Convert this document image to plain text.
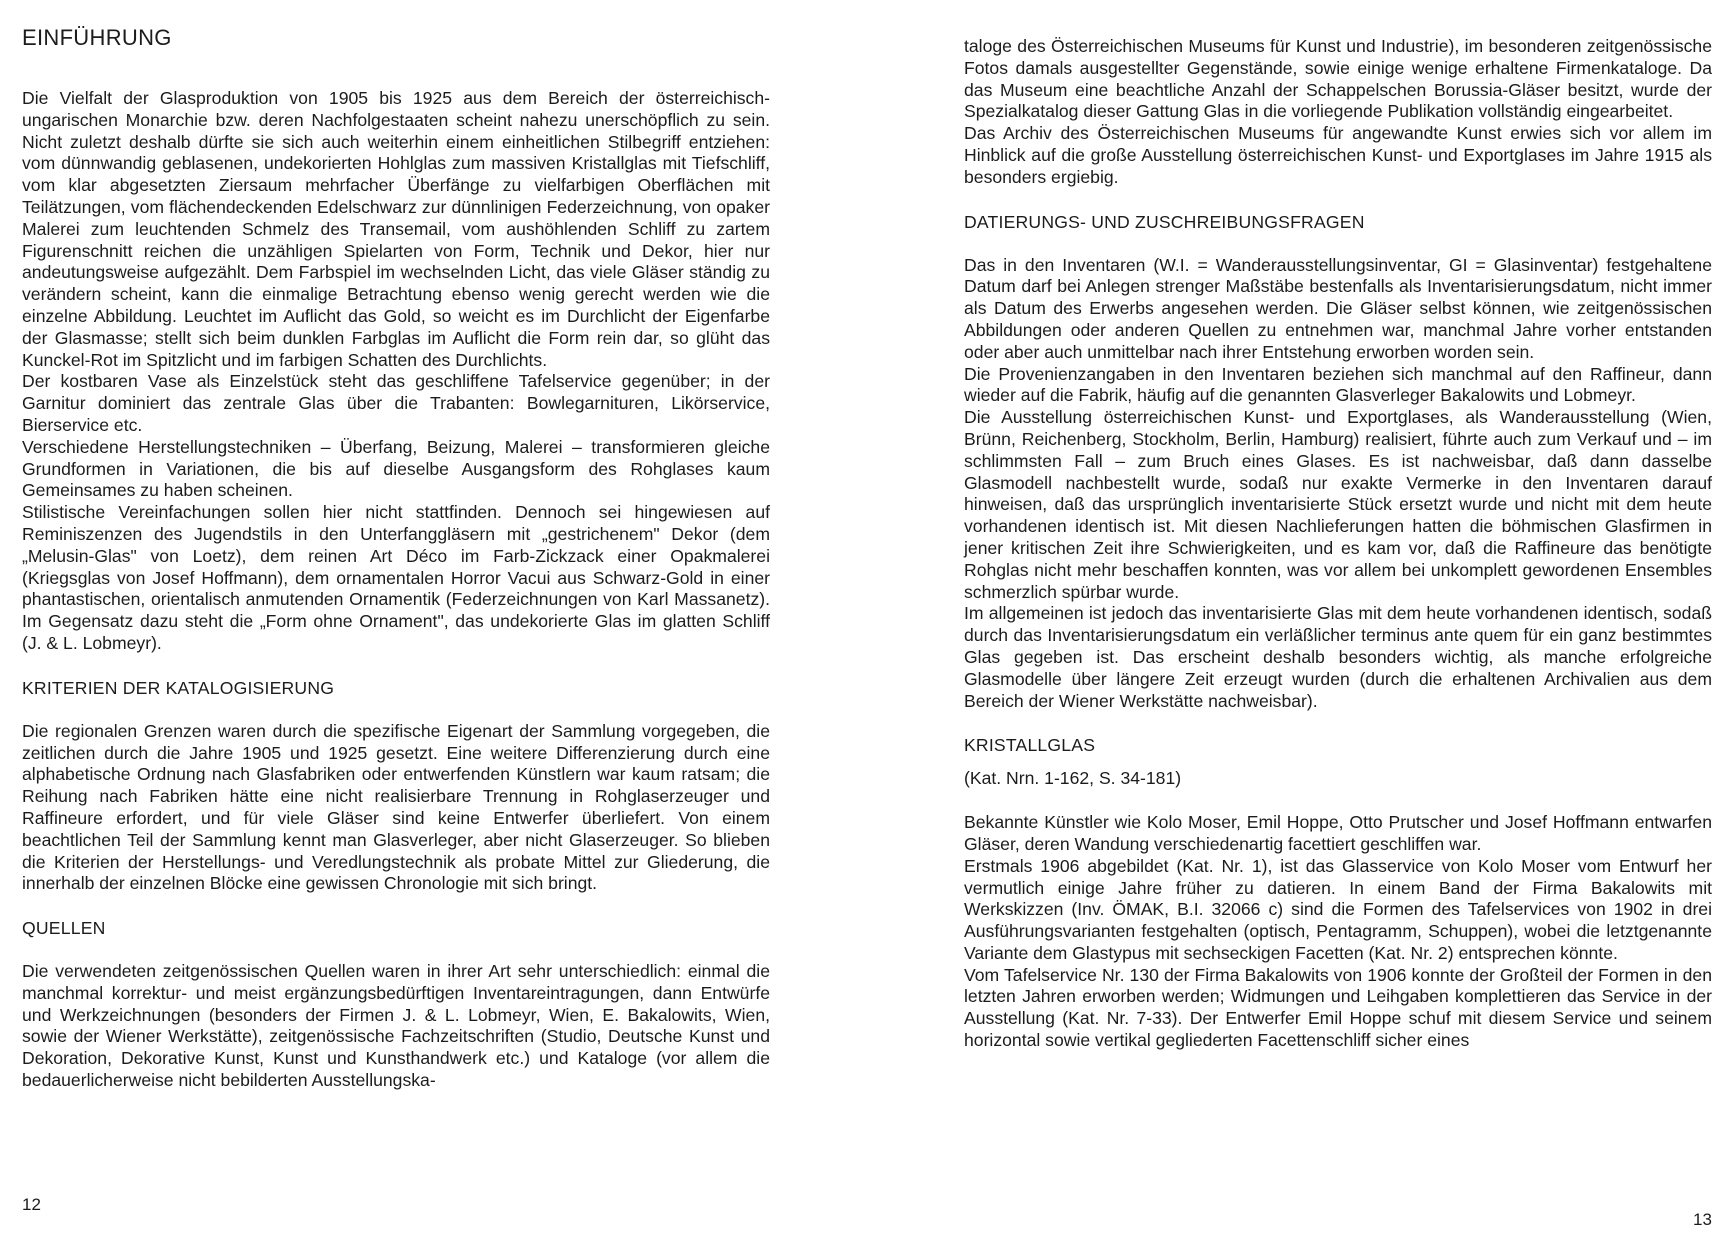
EINFÜHRUNG

Die Vielfalt der Glasproduktion von 1905 bis 1925 aus dem Bereich der österreichisch-ungarischen Monarchie bzw. deren Nachfolgestaaten scheint nahezu unerschöpflich zu sein. Nicht zuletzt deshalb dürfte sie sich auch weiterhin einem einheitlichen Stilbegriff entziehen: vom dünnwandig geblasenen, undekorierten Hohlglas zum massiven Kristallglas mit Tiefschliff, vom klar abgesetzten Ziersaum mehrfacher Überfänge zu vielfarbigen Oberflächen mit Teilätzungen, vom flächendeckenden Edelschwarz zur dünnlinigen Federzeichnung, von opaker Malerei zum leuchtenden Schmelz des Transemail, vom aushöhlenden Schliff zu zartem Figurenschnitt reichen die unzähligen Spielarten von Form, Technik und Dekor, hier nur andeutungsweise aufgezählt. Dem Farbspiel im wechselnden Licht, das viele Gläser ständig zu verändern scheint, kann die einmalige Betrachtung ebenso wenig gerecht werden wie die einzelne Abbildung. Leuchtet im Auflicht das Gold, so weicht es im Durchlicht der Eigenfarbe der Glasmasse; stellt sich beim dunklen Farbglas im Auflicht die Form rein dar, so glüht das Kunckel-Rot im Spitzlicht und im farbigen Schatten des Durchlichts.

Der kostbaren Vase als Einzelstück steht das geschliffene Tafelservice gegenüber; in der Garnitur dominiert das zentrale Glas über die Trabanten: Bowlegarnituren, Likörservice, Bierservice etc.

Verschiedene Herstellungstechniken – Überfang, Beizung, Malerei – transformieren gleiche Grundformen in Variationen, die bis auf dieselbe Ausgangsform des Rohglases kaum Gemeinsames zu haben scheinen.

Stilistische Vereinfachungen sollen hier nicht stattfinden. Dennoch sei hingewiesen auf Reminiszenzen des Jugendstils in den Unterfanggläsern mit „gestrichenem" Dekor (dem „Melusin-Glas" von Loetz), dem reinen Art Déco im Farb-Zickzack einer Opakmalerei (Kriegsglas von Josef Hoffmann), dem ornamentalen Horror Vacui aus Schwarz-Gold in einer phantastischen, orientalisch anmutenden Ornamentik (Federzeichnungen von Karl Massanetz). Im Gegensatz dazu steht die „Form ohne Ornament", das undekorierte Glas im glatten Schliff (J. & L. Lobmeyr).

KRITERIEN DER KATALOGISIERUNG

Die regionalen Grenzen waren durch die spezifische Eigenart der Sammlung vorgegeben, die zeitlichen durch die Jahre 1905 und 1925 gesetzt. Eine weitere Differenzierung durch eine alphabetische Ordnung nach Glasfabriken oder entwerfenden Künstlern war kaum ratsam; die Reihung nach Fabriken hätte eine nicht realisierbare Trennung in Rohglaserzeuger und Raffineure erfordert, und für viele Gläser sind keine Entwerfer überliefert. Von einem beachtlichen Teil der Sammlung kennt man Glasverleger, aber nicht Glaserzeuger. So blieben die Kriterien der Herstellungs- und Veredlungstechnik als probate Mittel zur Gliederung, die innerhalb der einzelnen Blöcke eine gewissen Chronologie mit sich bringt.

QUELLEN

Die verwendeten zeitgenössischen Quellen waren in ihrer Art sehr unterschiedlich: einmal die manchmal korrektur- und meist ergänzungsbedürftigen Inventareintragungen, dann Entwürfe und Werkzeichnungen (besonders der Firmen J. & L. Lobmeyr, Wien, E. Bakalowits, Wien, sowie der Wiener Werkstätte), zeitgenössische Fachzeitschriften (Studio, Deutsche Kunst und Dekoration, Dekorative Kunst, Kunst und Kunsthandwerk etc.) und Kataloge (vor allem die bedauerlicherweise nicht bebilderten Ausstellungska-

12

taloge des Österreichischen Museums für Kunst und Industrie), im besonderen zeitgenössische Fotos damals ausgestellter Gegenstände, sowie einige wenige erhaltene Firmenkataloge. Da das Museum eine beachtliche Anzahl der Schappelschen Borussia-Gläser besitzt, wurde der Spezialkatalog dieser Gattung Glas in die vorliegende Publikation vollständig eingearbeitet.

Das Archiv des Österreichischen Museums für angewandte Kunst erwies sich vor allem im Hinblick auf die große Ausstellung österreichischen Kunst- und Exportglases im Jahre 1915 als besonders ergiebig.

DATIERUNGS- UND ZUSCHREIBUNGSFRAGEN

Das in den Inventaren (W.I. = Wanderausstellungsinventar, GI = Glasinventar) festgehaltene Datum darf bei Anlegen strenger Maßstäbe bestenfalls als Inventarisierungsdatum, nicht immer als Datum des Erwerbs angesehen werden. Die Gläser selbst können, wie zeitgenössischen Abbildungen oder anderen Quellen zu entnehmen war, manchmal Jahre vorher entstanden oder aber auch unmittelbar nach ihrer Entstehung erworben worden sein.

Die Provenienzangaben in den Inventaren beziehen sich manchmal auf den Raffineur, dann wieder auf die Fabrik, häufig auf die genannten Glasverleger Bakalowits und Lobmeyr.

Die Ausstellung österreichischen Kunst- und Exportglases, als Wanderausstellung (Wien, Brünn, Reichenberg, Stockholm, Berlin, Hamburg) realisiert, führte auch zum Verkauf und – im schlimmsten Fall – zum Bruch eines Glases. Es ist nachweisbar, daß dann dasselbe Glasmodell nachbestellt wurde, sodaß nur exakte Vermerke in den Inventaren darauf hinweisen, daß das ursprünglich inventarisierte Stück ersetzt wurde und nicht mit dem heute vorhandenen identisch ist. Mit diesen Nachlieferungen hatten die böhmischen Glasfirmen in jener kritischen Zeit ihre Schwierigkeiten, und es kam vor, daß die Raffineure das benötigte Rohglas nicht mehr beschaffen konnten, was vor allem bei unkomplett gewordenen Ensembles schmerzlich spürbar wurde.

Im allgemeinen ist jedoch das inventarisierte Glas mit dem heute vorhandenen identisch, sodaß durch das Inventarisierungsdatum ein verläßlicher terminus ante quem für ein ganz bestimmtes Glas gegeben ist. Das erscheint deshalb besonders wichtig, als manche erfolgreiche Glasmodelle über längere Zeit erzeugt wurden (durch die erhaltenen Archivalien aus dem Bereich der Wiener Werkstätte nachweisbar).

KRISTALLGLAS

(Kat. Nrn. 1-162, S. 34-181)

Bekannte Künstler wie Kolo Moser, Emil Hoppe, Otto Prutscher und Josef Hoffmann entwarfen Gläser, deren Wandung verschiedenartig facettiert geschliffen war.

Erstmals 1906 abgebildet (Kat. Nr. 1), ist das Glasservice von Kolo Moser vom Entwurf her vermutlich einige Jahre früher zu datieren. In einem Band der Firma Bakalowits mit Werkskizzen (Inv. ÖMAK, B.I. 32066 c) sind die Formen des Tafelservices von 1902 in drei Ausführungsvarianten festgehalten (optisch, Pentagramm, Schuppen), wobei die letztgenannte Variante dem Glastypus mit sechseckigen Facetten (Kat. Nr. 2) entsprechen könnte.

Vom Tafelservice Nr. 130 der Firma Bakalowits von 1906 konnte der Großteil der Formen in den letzten Jahren erworben werden; Widmungen und Leihgaben komplettieren das Service in der Ausstellung (Kat. Nr. 7-33). Der Entwerfer Emil Hoppe schuf mit diesem Service und seinem horizontal sowie vertikal gegliederten Facettenschliff sicher eines

13
